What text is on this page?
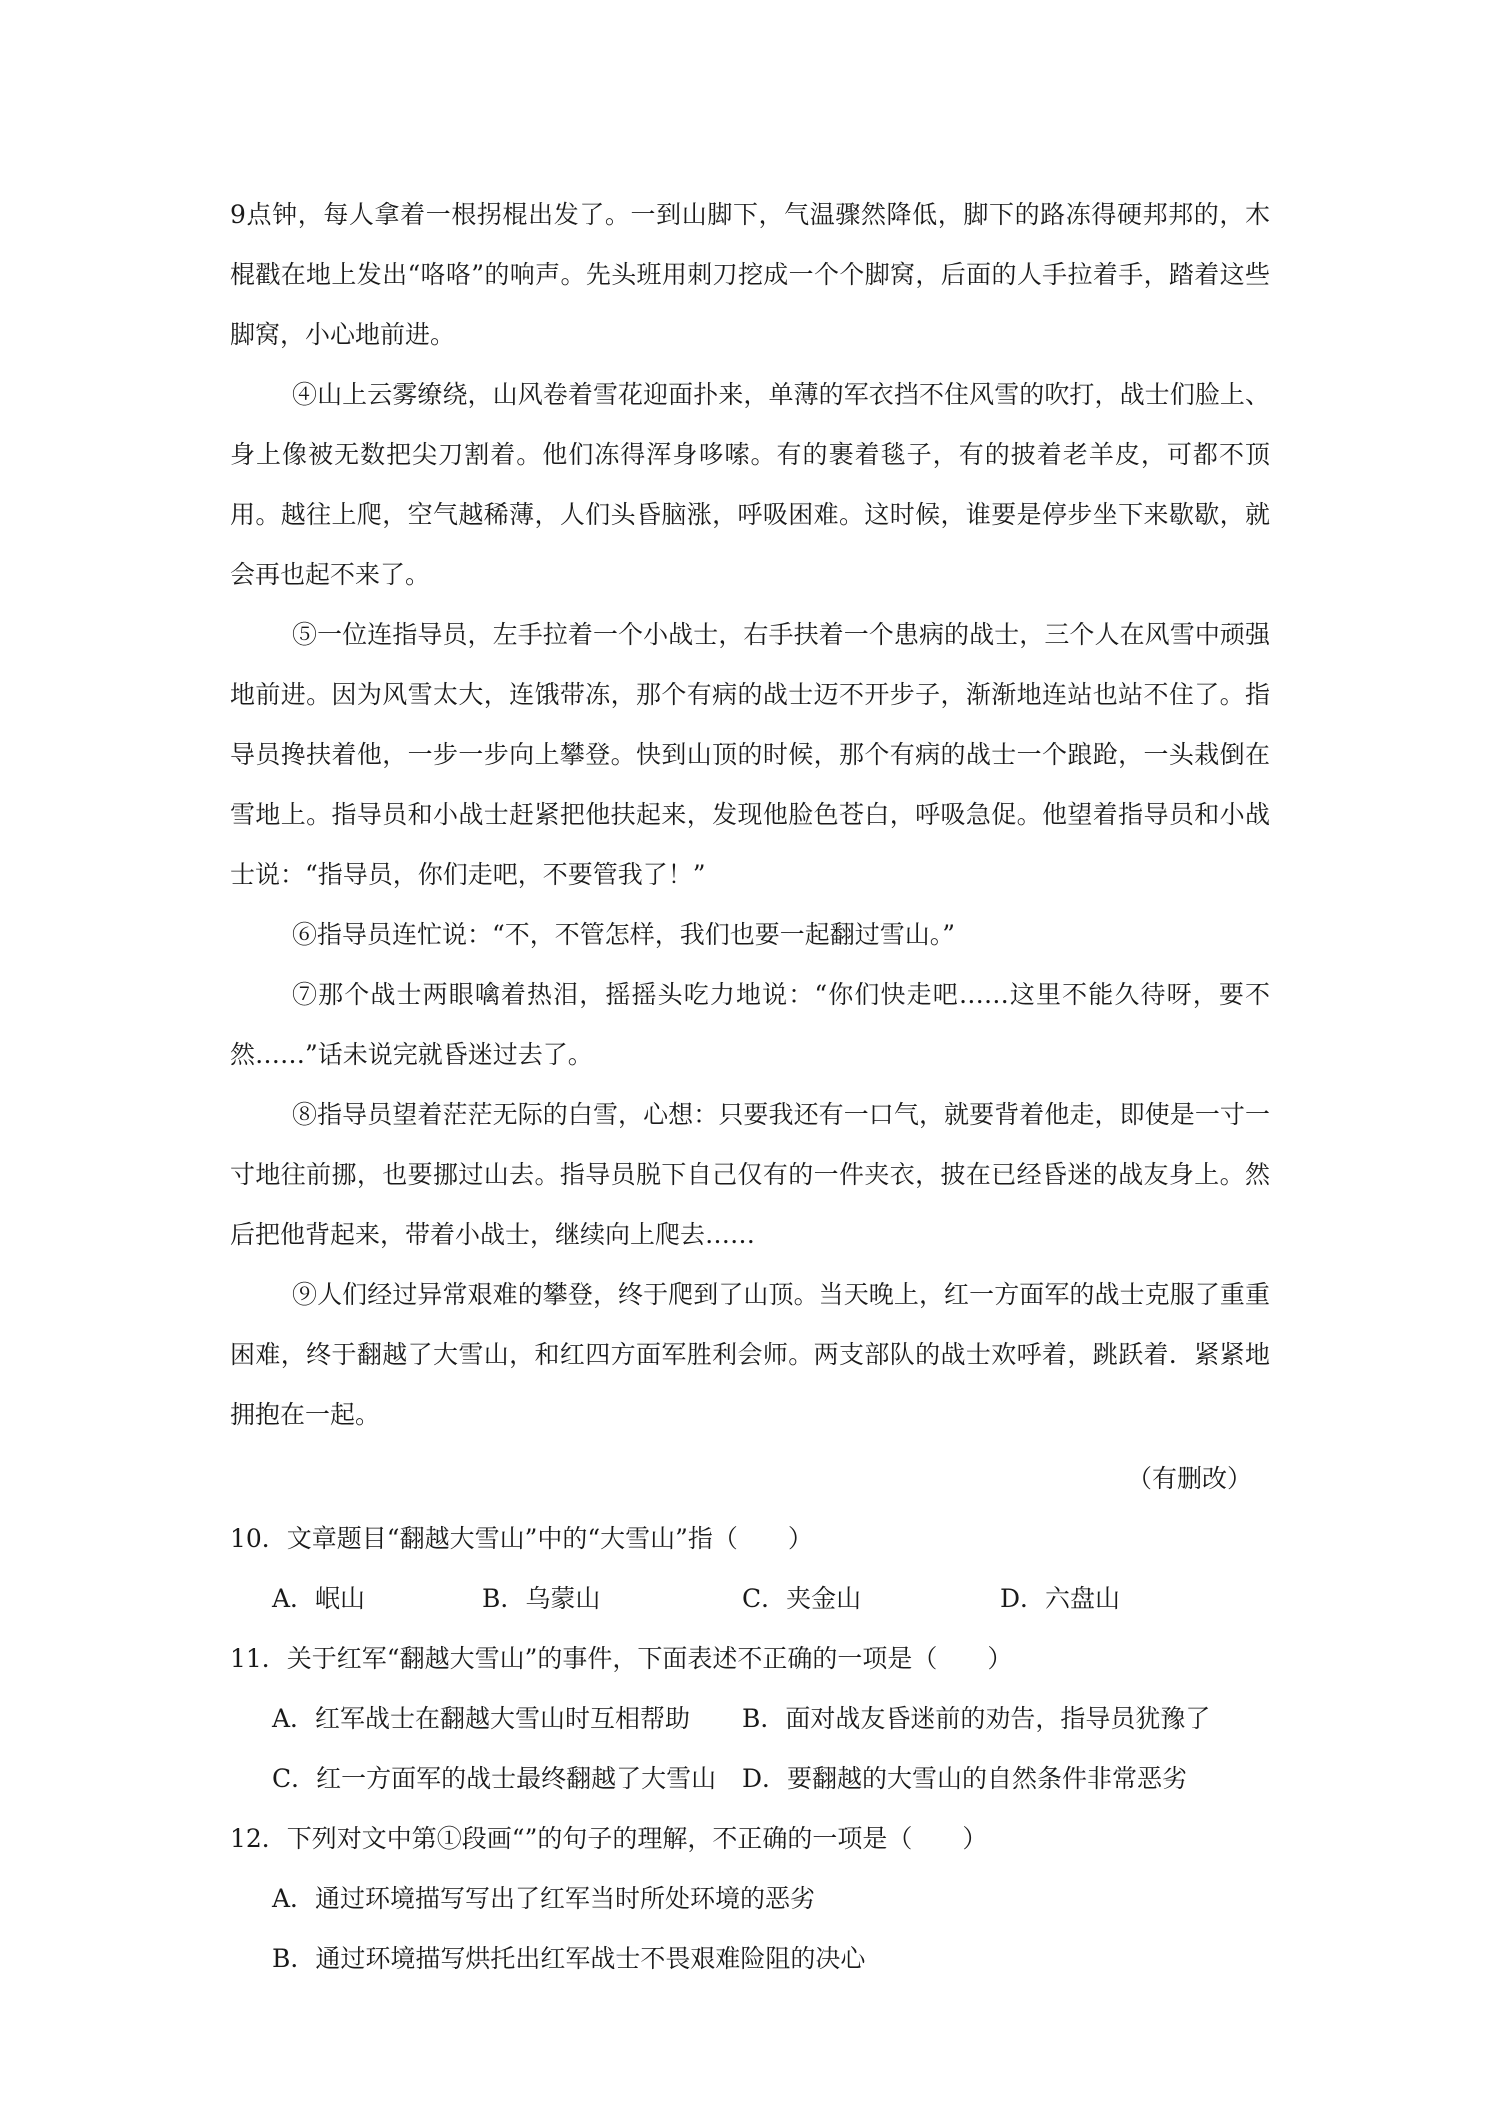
9点钟，每人拿着一根拐棍出发了。一到山脚下，气温骤然降低，脚下的路冻得硬邦邦的，木棍戳在地上发出“咯咯”的响声。先头班用刺刀挖成一个个脚窝，后面的人手拉着手，踏着这些脚窝，小心地前进。

④山上云雾缭绕，山风卷着雪花迎面扑来，单薄的军衣挡不住风雪的吹打，战士们脸上、身上像被无数把尖刀割着。他们冻得浑身哆嗦。有的裹着毯子，有的披着老羊皮，可都不顶用。越往上爬，空气越稀薄，人们头昏脑涨，呼吸困难。这时候，谁要是停步坐下来歇歇，就会再也起不来了。

⑤一位连指导员，左手拉着一个小战士，右手扶着一个患病的战士，三个人在风雪中顽强地前进。因为风雪太大，连饿带冻，那个有病的战士迈不开步子，渐渐地连站也站不住了。指导员搀扶着他，一步一步向上攀登。快到山顶的时候，那个有病的战士一个踉跄，一头栽倒在雪地上。指导员和小战士赶紧把他扶起来，发现他脸色苍白，呼吸急促。他望着指导员和小战士说：“指导员，你们走吧，不要管我了！”

⑥指导员连忙说：“不，不管怎样，我们也要一起翻过雪山。”

⑦那个战士两眼噙着热泪，摇摇头吃力地说：“你们快走吧……这里不能久待呀，要不然……”话未说完就昏迷过去了。

⑧指导员望着茫茫无际的白雪，心想：只要我还有一口气，就要背着他走，即使是一寸一寸地往前挪，也要挪过山去。指导员脱下自己仅有的一件夹衣，披在已经昏迷的战友身上。然后把他背起来，带着小战士，继续向上爬去……

⑨人们经过异常艰难的攀登，终于爬到了山顶。当天晚上，红一方面军的战士克服了重重困难，终于翻越了大雪山，和红四方面军胜利会师。两支部队的战士欢呼着，跳跃着．紧紧地拥抱在一起。

（有删改）

10．文章题目“翻越大雪山”中的“大雪山”指（　　）

A．岷山	B．乌蒙山	C．夹金山	D．六盘山

11．关于红军“翻越大雪山”的事件，下面表述不正确的一项是（　　）

A．红军战士在翻越大雪山时互相帮助 B．面对战友昏迷前的劝告，指导员犹豫了
C．红一方面军的战士最终翻越了大雪山 D．要翻越的大雪山的自然条件非常恶劣

12．下列对文中第①段画“”的句子的理解，不正确的一项是（　　）

A．通过环境描写写出了红军当时所处环境的恶劣

B．通过环境描写烘托出红军战士不畏艰难险阻的决心
